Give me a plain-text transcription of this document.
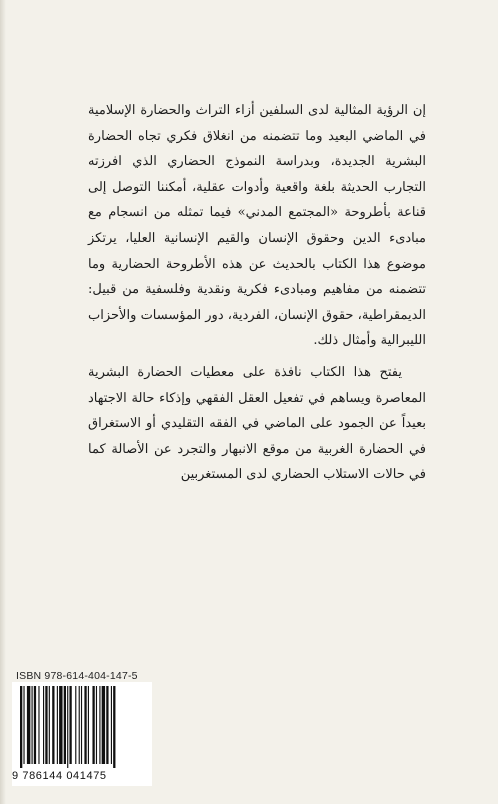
إن الرؤية المثالية لدى السلفين أزاء التراث والحضارة الإسلامية في الماضي البعيد وما تتضمنه من انغلاق فكري تجاه الحضارة البشرية الجديدة، وبدراسة النموذج الحضاري الذي افرزته التجارب الحديثة بلغة واقعية وأدوات عقلية، أمكننا التوصل إلى قناعة بأطروحة «المجتمع المدني» فيما تمثله من انسجام مع مبادىء الدين وحقوق الإنسان والقيم الإنسانية العليا، يرتكز موضوع هذا الكتاب بالحديث عن هذه الأطروحة الحضارية وما تتضمنه من مفاهيم ومبادىء فكرية ونقدية وفلسفية من قبيل: الديمقراطية، حقوق الإنسان، الفردية، دور المؤسسات والأحزاب الليبرالية وأمثال ذلك.

يفتح هذا الكتاب نافذة على معطيات الحضارة البشرية المعاصرة ويساهم في تفعيل العقل الفقهي وإذكاء حالة الاجتهاد بعيداً عن الجمود على الماضي في الفقه التقليدي أو الاستغراق في الحضارة الغربية من موقع الانبهار والتجرد عن الأصالة كما في حالات الاستلاب الحضاري لدى المستغربين

ISBN 978-614-404-147-5
9 786144 041475
